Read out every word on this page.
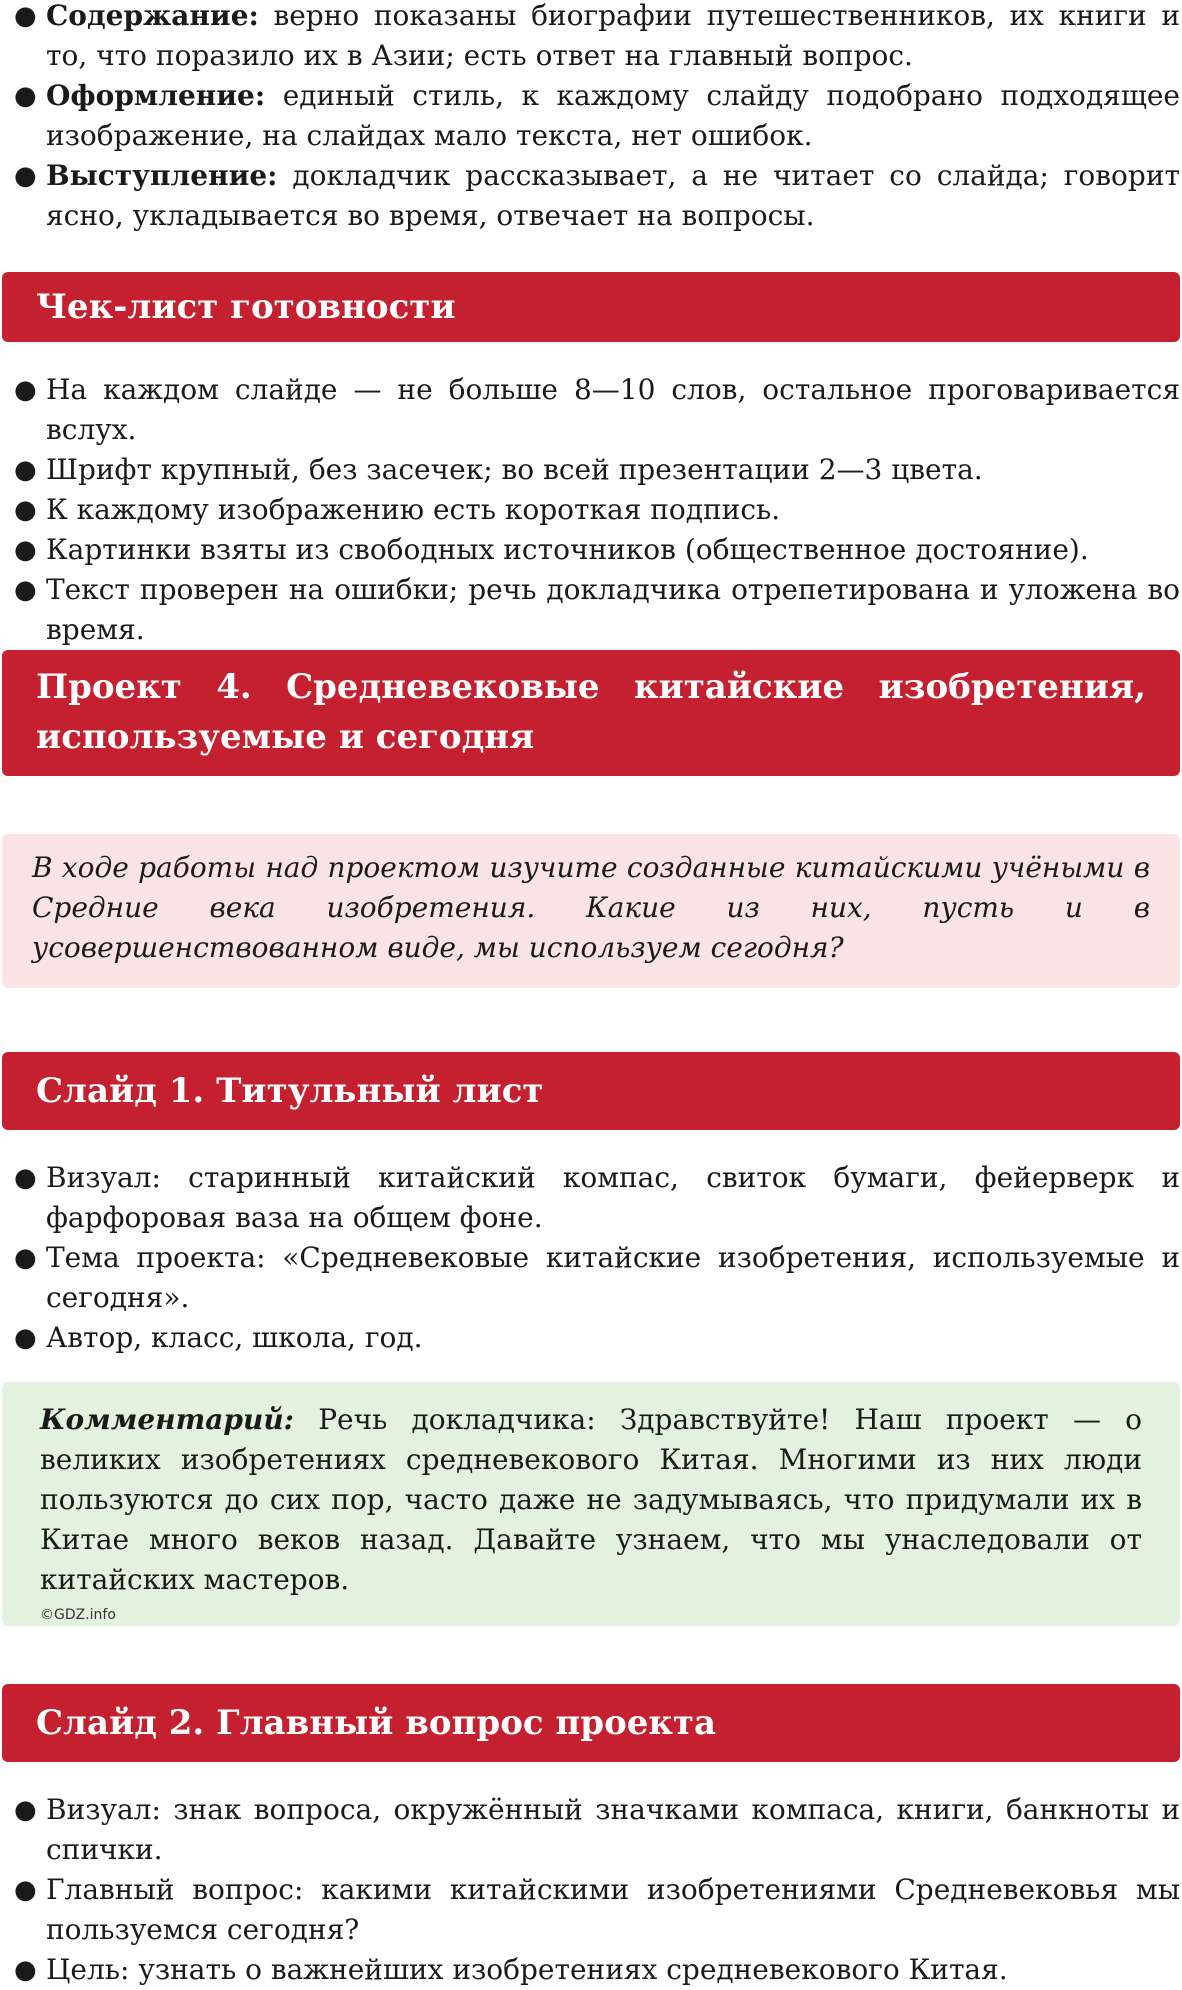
● Содержание: верно показаны биографии путешественников, их книги и то, что поразило их в Азии; есть ответ на главный вопрос.
● Оформление: единый стиль, к каждому слайду подобрано подходящее изображение, на слайдах мало текста, нет ошибок.
● Выступление: докладчик рассказывает, а не читает со слайда; говорит ясно, укладывается во время, отвечает на вопросы.
Чек-лист готовности
● На каждом слайде — не больше 8—10 слов, остальное проговаривается вслух.
● Шрифт крупный, без засечек; во всей презентации 2—3 цвета.
● К каждому изображению есть короткая подпись.
● Картинки взяты из свободных источников (общественное достояние).
● Текст проверен на ошибки; речь докладчика отрепетирована и уложена во время.
Проект 4. Средневековые китайские изобретения, используемые и сегодня
В ходе работы над проектом изучите созданные китайскими учёными в Средние века изобретения. Какие из них, пусть и в усовершенствованном виде, мы используем сегодня?
Слайд 1. Титульный лист
● Визуал: старинный китайский компас, свиток бумаги, фейерверк и фарфоровая ваза на общем фоне.
● Тема проекта: «Средневековые китайские изобретения, используемые и сегодня».
● Автор, класс, школа, год.
Комментарий: Речь докладчика: Здравствуйте! Наш проект — о великих изобретениях средневекового Китая. Многими из них люди пользуются до сих пор, часто даже не задумываясь, что придумали их в Китае много веков назад. Давайте узнаем, что мы унаследовали от китайских мастеров.
©GDZ.info
Слайд 2. Главный вопрос проекта
● Визуал: знак вопроса, окружённый значками компаса, книги, банкноты и спички.
● Главный вопрос: какими китайскими изобретениями Средневековья мы пользуемся сегодня?
● Цель: узнать о важнейших изобретениях средневекового Китая.
